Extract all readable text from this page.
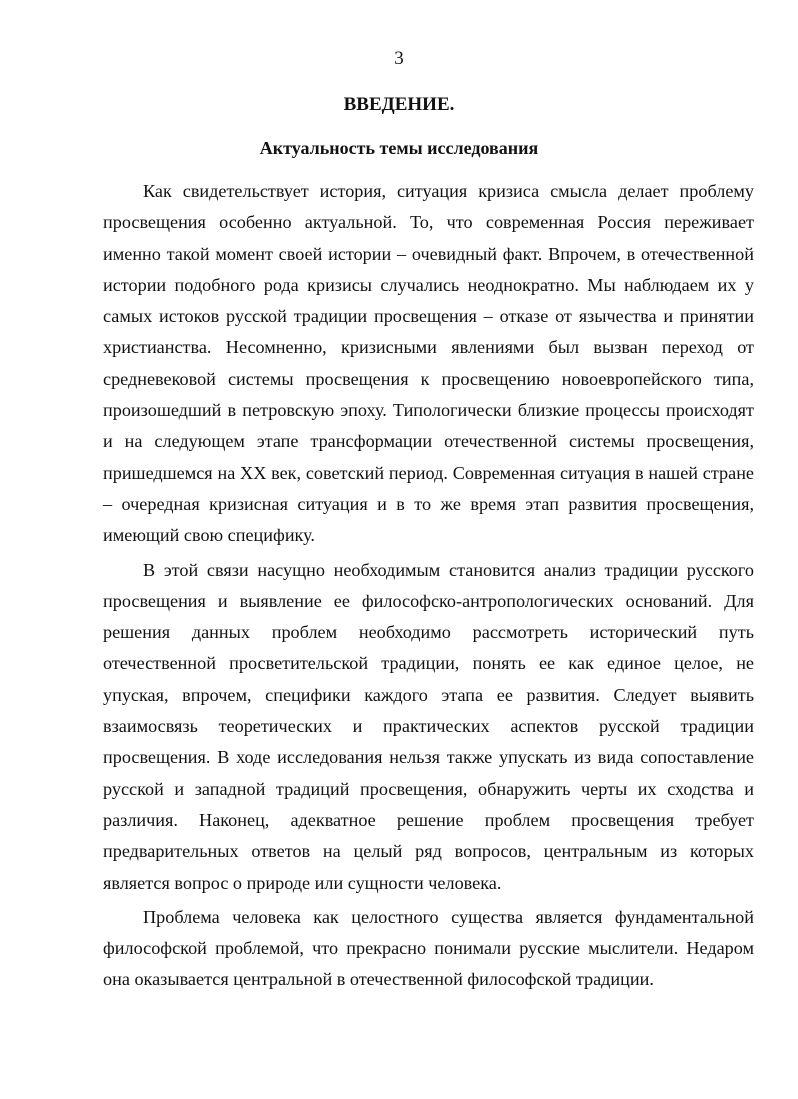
3
ВВЕДЕНИЕ.
Актуальность темы исследования

Как свидетельствует история, ситуация кризиса смысла делает проблему просвещения особенно актуальной. То, что современная Россия переживает именно такой момент своей истории – очевидный факт. Впрочем, в отечественной истории подобного рода кризисы случались неоднократно. Мы наблюдаем их у самых истоков русской традиции просвещения – отказе от язычества и принятии христианства. Несомненно, кризисными явлениями был вызван переход от средневековой системы просвещения к просвещению новоевропейского типа, произошедший в петровскую эпоху. Типологически близкие процессы происходят и на следующем этапе трансформации отечественной системы просвещения, пришедшемся на XX век, советский период. Современная ситуация в нашей стране – очередная кризисная ситуация и в то же время этап развития просвещения, имеющий свою специфику.

В этой связи насущно необходимым становится анализ традиции русского просвещения и выявление ее философско-антропологических оснований. Для решения данных проблем необходимо рассмотреть исторический путь отечественной просветительской традиции, понять ее как единое целое, не упуская, впрочем, специфики каждого этапа ее развития. Следует выявить взаимосвязь теоретических и практических аспектов русской традиции просвещения. В ходе исследования нельзя также упускать из вида сопоставление русской и западной традиций просвещения, обнаружить черты их сходства и различия. Наконец, адекватное решение проблем просвещения требует предварительных ответов на целый ряд вопросов, центральным из которых является вопрос о природе или сущности человека.

Проблема человека как целостного существа является фундаментальной философской проблемой, что прекрасно понимали русские мыслители. Недаром она оказывается центральной в отечественной философской традиции.
